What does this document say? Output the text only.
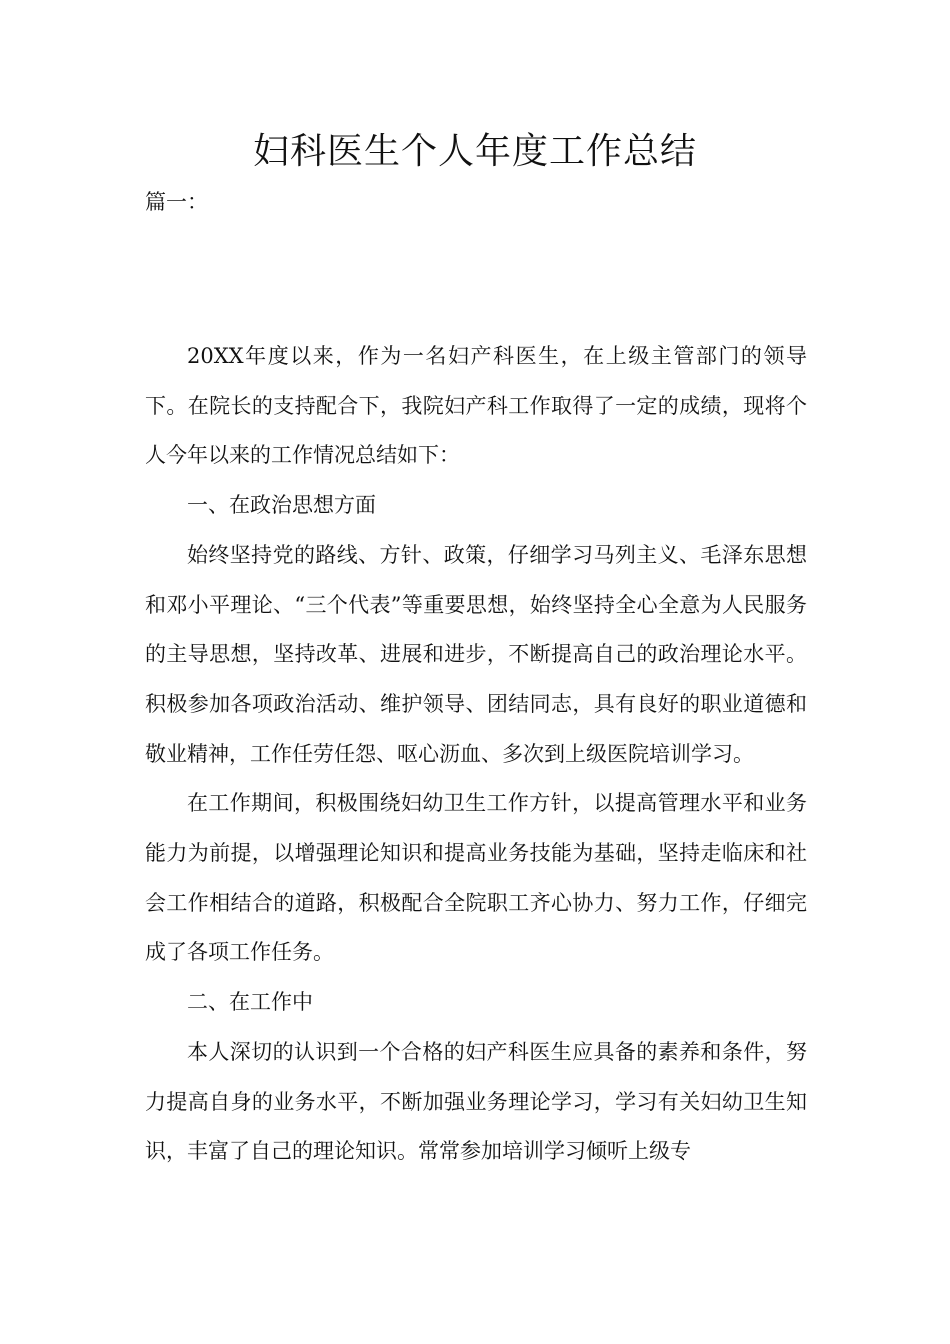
妇科医生个人年度工作总结
篇一：

20XX年度以来，作为一名妇产科医生，在上级主管部门的领导下。在院长的支持配合下，我院妇产科工作取得了一定的成绩，现将个人今年以来的工作情况总结如下：

一、在政治思想方面

始终坚持党的路线、方针、政策，仔细学习马列主义、毛泽东思想和邓小平理论、“三个代表”等重要思想，始终坚持全心全意为人民服务的主导思想，坚持改革、进展和进步，不断提高自己的政治理论水平。积极参加各项政治活动、维护领导、团结同志，具有良好的职业道德和敬业精神，工作任劳任怨、呕心沥血、多次到上级医院培训学习。

在工作期间，积极围绕妇幼卫生工作方针，以提高管理水平和业务能力为前提，以增强理论知识和提高业务技能为基础，坚持走临床和社会工作相结合的道路，积极配合全院职工齐心协力、努力工作，仔细完成了各项工作任务。

二、在工作中

本人深切的认识到一个合格的妇产科医生应具备的素养和条件，努力提高自身的业务水平，不断加强业务理论学习，学习有关妇幼卫生知识，丰富了自己的理论知识。常常参加培训学习倾听上级专
